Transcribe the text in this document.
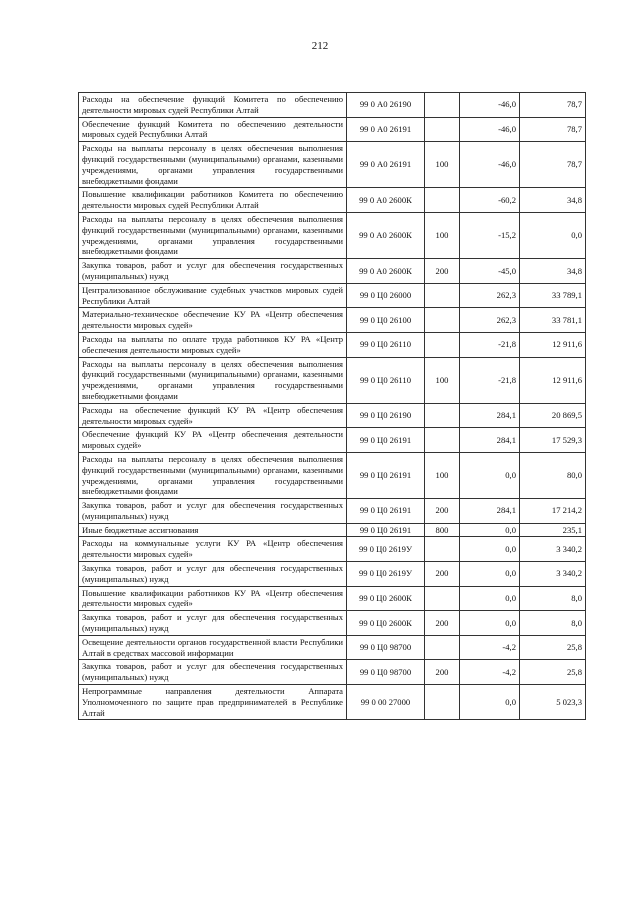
212
Расходы на обеспечение функций Комитета по обеспечению деятельности мировых судей Республики Алтай	99 0 А0 26190		-46,0	78,7
Обеспечение функций Комитета по обеспечению деятельности мировых судей Республики Алтай	99 0 А0 26191		-46,0	78,7
Расходы на выплаты персоналу в целях обеспечения выполнения функций государственными (муниципальными) органами, казенными учреждениями, органами управления государственными внебюджетными фондами	99 0 А0 26191	100	-46,0	78,7
Повышение квалификации работников Комитета по обеспечению деятельности мировых судей Республики Алтай	99 0 А0 2600К		-60,2	34,8
Расходы на выплаты персоналу в целях обеспечения выполнения функций государственными (муниципальными) органами, казенными учреждениями, органами управления государственными внебюджетными фондами	99 0 А0 2600К	100	-15,2	0,0
Закупка товаров, работ и услуг для обеспечения государственных (муниципальных) нужд	99 0 А0 2600К	200	-45,0	34,8
Централизованное обслуживание судебных участков мировых судей Республики Алтай	99 0 Ц0 26000		262,3	33 789,1
Материально-техническое обеспечение КУ РА «Центр обеспечения деятельности мировых судей»	99 0 Ц0 26100		262,3	33 781,1
Расходы на выплаты по оплате труда работников КУ РА «Центр обеспечения деятельности мировых судей»	99 0 Ц0 26110		-21,8	12 911,6
Расходы на выплаты персоналу в целях обеспечения выполнения функций государственными (муниципальными) органами, казенными учреждениями, органами управления государственными внебюджетными фондами	99 0 Ц0 26110	100	-21,8	12 911,6
Расходы на обеспечение функций КУ РА «Центр обеспечения деятельности мировых судей»	99 0 Ц0 26190		284,1	20 869,5
Обеспечение функций КУ РА «Центр обеспечения деятельности мировых судей»	99 0 Ц0 26191		284,1	17 529,3
Расходы на выплаты персоналу в целях обеспечения выполнения функций государственными (муниципальными) органами, казенными учреждениями, органами управления государственными внебюджетными фондами	99 0 Ц0 26191	100	0,0	80,0
Закупка товаров, работ и услуг для обеспечения государственных (муниципальных) нужд	99 0 Ц0 26191	200	284,1	17 214,2
Иные бюджетные ассигнования	99 0 Ц0 26191	800	0,0	235,1
Расходы на коммунальные услуги КУ РА «Центр обеспечения деятельности мировых судей»	99 0 Ц0 2619У		0,0	3 340,2
Закупка товаров, работ и услуг для обеспечения государственных (муниципальных) нужд	99 0 Ц0 2619У	200	0,0	3 340,2
Повышение квалификации работников КУ РА «Центр обеспечения деятельности мировых судей»	99 0 Ц0 2600К		0,0	8,0
Закупка товаров, работ и услуг для обеспечения государственных (муниципальных) нужд	99 0 Ц0 2600К	200	0,0	8,0
Освещение деятельности органов государственной власти Республики Алтай в средствах массовой информации	99 0 Ц0 98700		-4,2	25,8
Закупка товаров, работ и услуг для обеспечения государственных (муниципальных) нужд	99 0 Ц0 98700	200	-4,2	25,8
Непрограммные направления деятельности Аппарата Уполномоченного по защите прав предпринимателей в Республике Алтай	99 0 00 27000		0,0	5 023,3
